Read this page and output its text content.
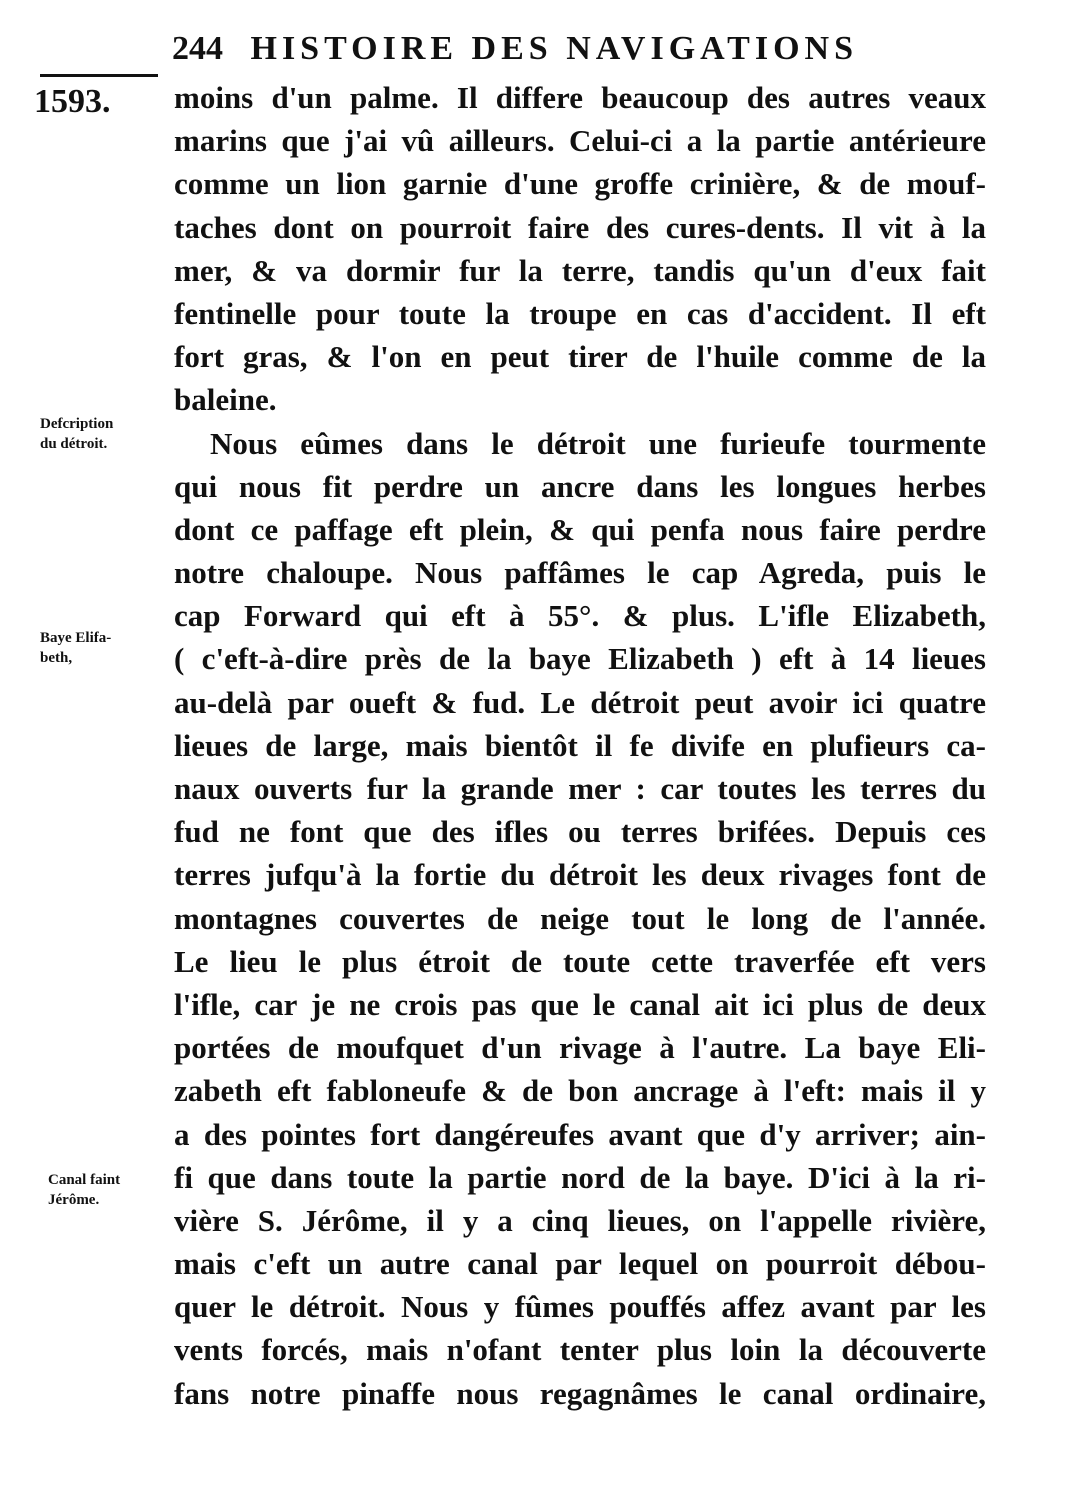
244 HISTOIRE DES NAVIGATIONS
1593.
Defcription
du détroit.
Baye Elifa-
beth,
Canal faint
Jérôme.
moins d'un palme. Il differe beaucoup des autres veaux
marins que j'ai vû ailleurs. Celui-ci a la partie antérieure
comme un lion garnie d'une groffe crinière, & de mouf-
taches dont on pourroit faire des cures-dents. Il vit à la
mer, & va dormir fur la terre, tandis qu'un d'eux fait
fentinelle pour toute la troupe en cas d'accident. Il eft
fort gras, & l'on en peut tirer de l'huile comme de la
baleine.
Nous eûmes dans le détroit une furieufe tourmente
qui nous fit perdre un ancre dans les longues herbes
dont ce paffage eft plein, & qui penfa nous faire perdre
notre chaloupe. Nous paffâmes le cap Agreda, puis le
cap Forward qui eft à 55°. & plus. L'ifle Elizabeth,
( c'eft-à-dire près de la baye Elizabeth ) eft à 14 lieues
au-delà par oueft & fud. Le détroit peut avoir ici quatre
lieues de large, mais bientôt il fe divife en plufieurs ca-
naux ouverts fur la grande mer : car toutes les terres du
fud ne font que des ifles ou terres brifées. Depuis ces
terres jufqu'à la fortie du détroit les deux rivages font de
montagnes couvertes de neige tout le long de l'année.
Le lieu le plus étroit de toute cette traverfée eft vers
l'ifle, car je ne crois pas que le canal ait ici plus de deux
portées de moufquet d'un rivage à l'autre. La baye Eli-
zabeth eft fabloneufe & de bon ancrage à l'eft: mais il y
a des pointes fort dangéreufes avant que d'y arriver; ain-
fi que dans toute la partie nord de la baye. D'ici à la ri-
vière S. Jérôme, il y a cinq lieues, on l'appelle rivière,
mais c'eft un autre canal par lequel on pourroit débou-
quer le détroit. Nous y fûmes pouffés affez avant par les
vents forcés, mais n'ofant tenter plus loin la découverte
fans notre pinaffe nous regagnâmes le canal ordinaire,
